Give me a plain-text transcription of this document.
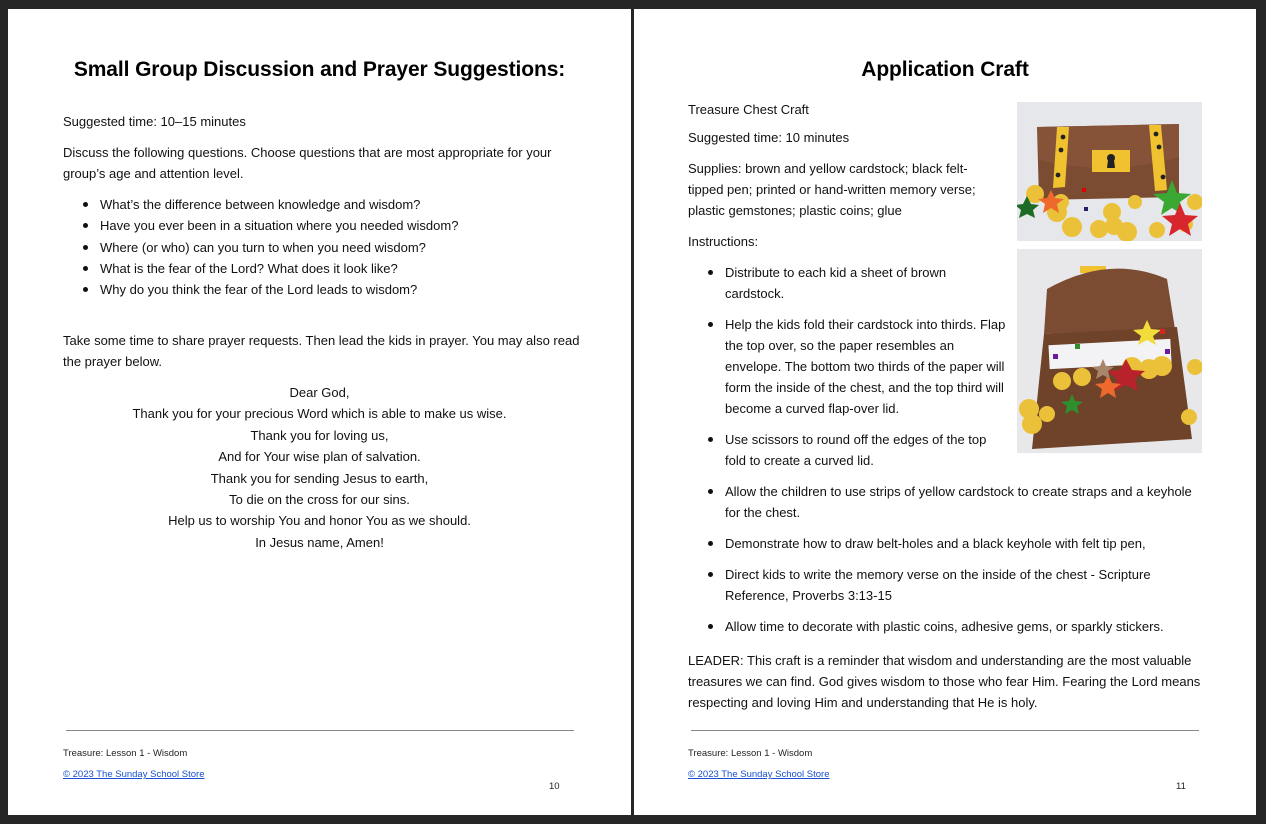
Small Group Discussion and Prayer Suggestions:
Suggested time: 10–15 minutes
Discuss the following questions. Choose questions that are most appropriate for your group’s age and attention level.
What’s the difference between knowledge and wisdom?
Have you ever been in a situation where you needed wisdom?
Where (or who) can you turn to when you need wisdom?
What is the fear of the Lord? What does it look like?
Why do you think the fear of the Lord leads to wisdom?
Take some time to share prayer requests. Then lead the kids in prayer. You may also read the prayer below.
Dear God,
Thank you for your precious Word which is able to make us wise.
Thank you for loving us,
And for Your wise plan of salvation.
Thank you for sending Jesus to earth,
To die on the cross for our sins.
Help us to worship You and honor You as we should.
In Jesus name, Amen!
Treasure: Lesson 1 - Wisdom
© 2023 The Sunday School Store
10
Application Craft
Treasure Chest Craft
Suggested time: 10 minutes
Supplies: brown and yellow cardstock; black felt-tipped pen; printed or hand-written memory verse; plastic gemstones; plastic coins; glue
Instructions:
Distribute to each kid a sheet of brown cardstock.
Help the kids fold their cardstock into thirds. Flap the top over, so the paper resembles an envelope. The bottom two thirds of the paper will form the inside of the chest, and the top third will become a curved flap-over lid.
Use scissors to round off the edges of the top fold to create a curved lid.
Allow the children to use strips of yellow cardstock to create straps and a keyhole for the chest.
Demonstrate how to draw belt-holes and a black keyhole with felt tip pen,
Direct kids to write the memory verse on the inside of the chest - Scripture Reference, Proverbs 3:13-15
Allow time to decorate with plastic coins, adhesive gems, or sparkly stickers.
LEADER: This craft is a reminder that wisdom and understanding are the most valuable treasures we can find. God gives wisdom to those who fear Him. Fearing the Lord means respecting and loving Him and understanding that He is holy.
Treasure: Lesson 1 - Wisdom
© 2023 The Sunday School Store
11
